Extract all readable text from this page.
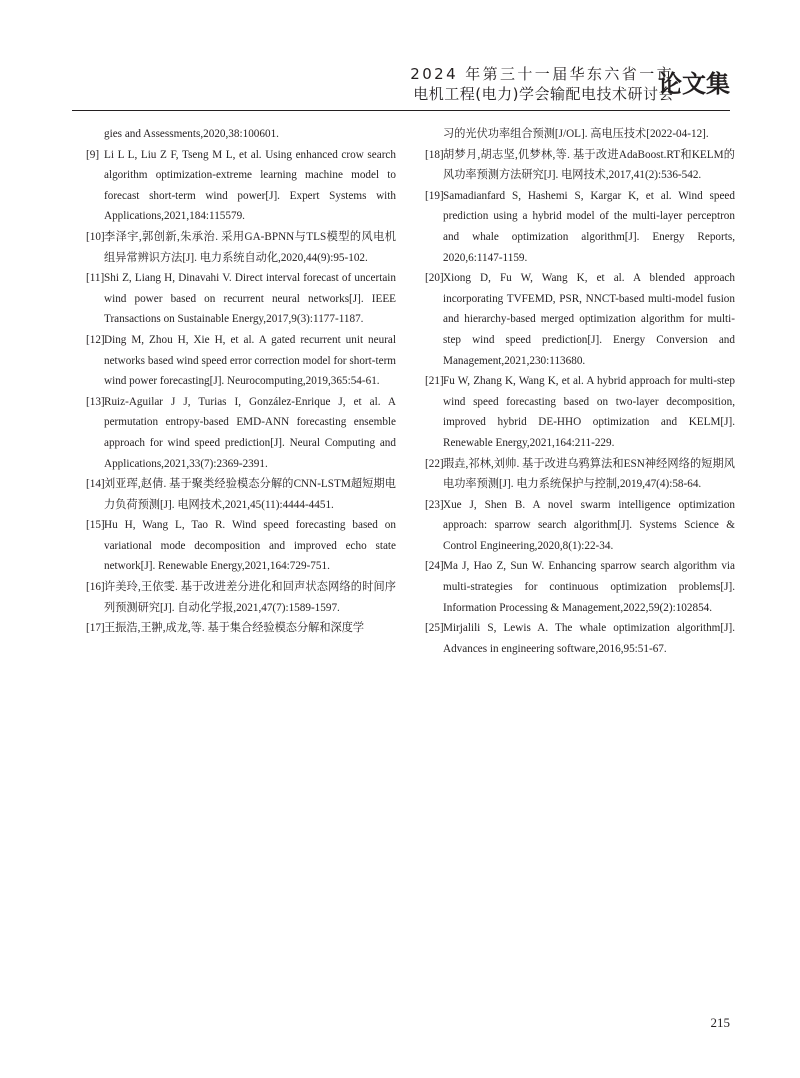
2024 年第三十一届华东六省一市
电机工程(电力)学会输配电技术研讨会
论文集
gies and Assessments,2020,38:100601.
[9] Li L L, Liu Z F, Tseng M L, et al. Using enhanced crow search algorithm optimization-extreme learning machine model to forecast short-term wind power[J]. Expert Systems with Applications,2021,184:115579.
[10] 李泽宇,郭创新,朱承治. 采用GA-BPNN与TLS模型的风电机组异常辨识方法[J]. 电力系统自动化,2020,44(9):95-102.
[11] Shi Z, Liang H, Dinavahi V. Direct interval forecast of uncertain wind power based on recurrent neural networks[J]. IEEE Transactions on Sustainable Energy,2017,9(3):1177-1187.
[12] Ding M, Zhou H, Xie H, et al. A gated recurrent unit neural networks based wind speed error correction model for short-term wind power forecasting[J]. Neurocomputing,2019,365:54-61.
[13] Ruiz-Aguilar J J, Turias I, González-Enrique J, et al. A permutation entropy-based EMD-ANN forecasting ensemble approach for wind speed prediction[J]. Neural Computing and Applications,2021,33(7):2369-2391.
[14] 刘亚珲,赵倩. 基于聚类经验模态分解的CNN-LSTM超短期电力负荷预测[J]. 电网技术,2021,45(11):4444-4451.
[15] Hu H, Wang L, Tao R. Wind speed forecasting based on variational mode decomposition and improved echo state network[J]. Renewable Energy,2021,164:729-751.
[16] 许美玲,王依雯. 基于改进差分进化和回声状态网络的时间序列预测研究[J]. 自动化学报,2021,47(7):1589-1597.
[17] 王振浩,王翀,成龙,等. 基于集合经验模态分解和深度学
习的光伏功率组合预测[J/OL]. 高电压技术[2022-04-12].
[18] 胡梦月,胡志坚,仉梦林,等. 基于改进AdaBoost.RT和KELM的风功率预测方法研究[J]. 电网技术,2017,41(2):536-542.
[19] Samadianfard S, Hashemi S, Kargar K, et al. Wind speed prediction using a hybrid model of the multi-layer perceptron and whale optimization algorithm[J]. Energy Reports, 2020,6:1147-1159.
[20] Xiong D, Fu W, Wang K, et al. A blended approach incorporating TVFEMD, PSR, NNCT-based multi-model fusion and hierarchy-based merged optimization algorithm for multi-step wind speed prediction[J]. Energy Conversion and Management,2021,230:113680.
[21] Fu W, Zhang K, Wang K, et al. A hybrid approach for multi-step wind speed forecasting based on two-layer decomposition, improved hybrid DE-HHO optimization and KELM[J]. Renewable Energy,2021,164:211-229.
[22] 瑕垚,祁林,刘帅. 基于改进乌鸦算法和ESN神经网络的短期风电功率预测[J]. 电力系统保护与控制,2019,47(4):58-64.
[23] Xue J, Shen B. A novel swarm intelligence optimization approach: sparrow search algorithm[J]. Systems Science & Control Engineering,2020,8(1):22-34.
[24] Ma J, Hao Z, Sun W. Enhancing sparrow search algorithm via multi-strategies for continuous optimization problems[J]. Information Processing & Management,2022,59(2):102854.
[25] Mirjalili S, Lewis A. The whale optimization algorithm[J]. Advances in engineering software,2016,95:51-67.
215
